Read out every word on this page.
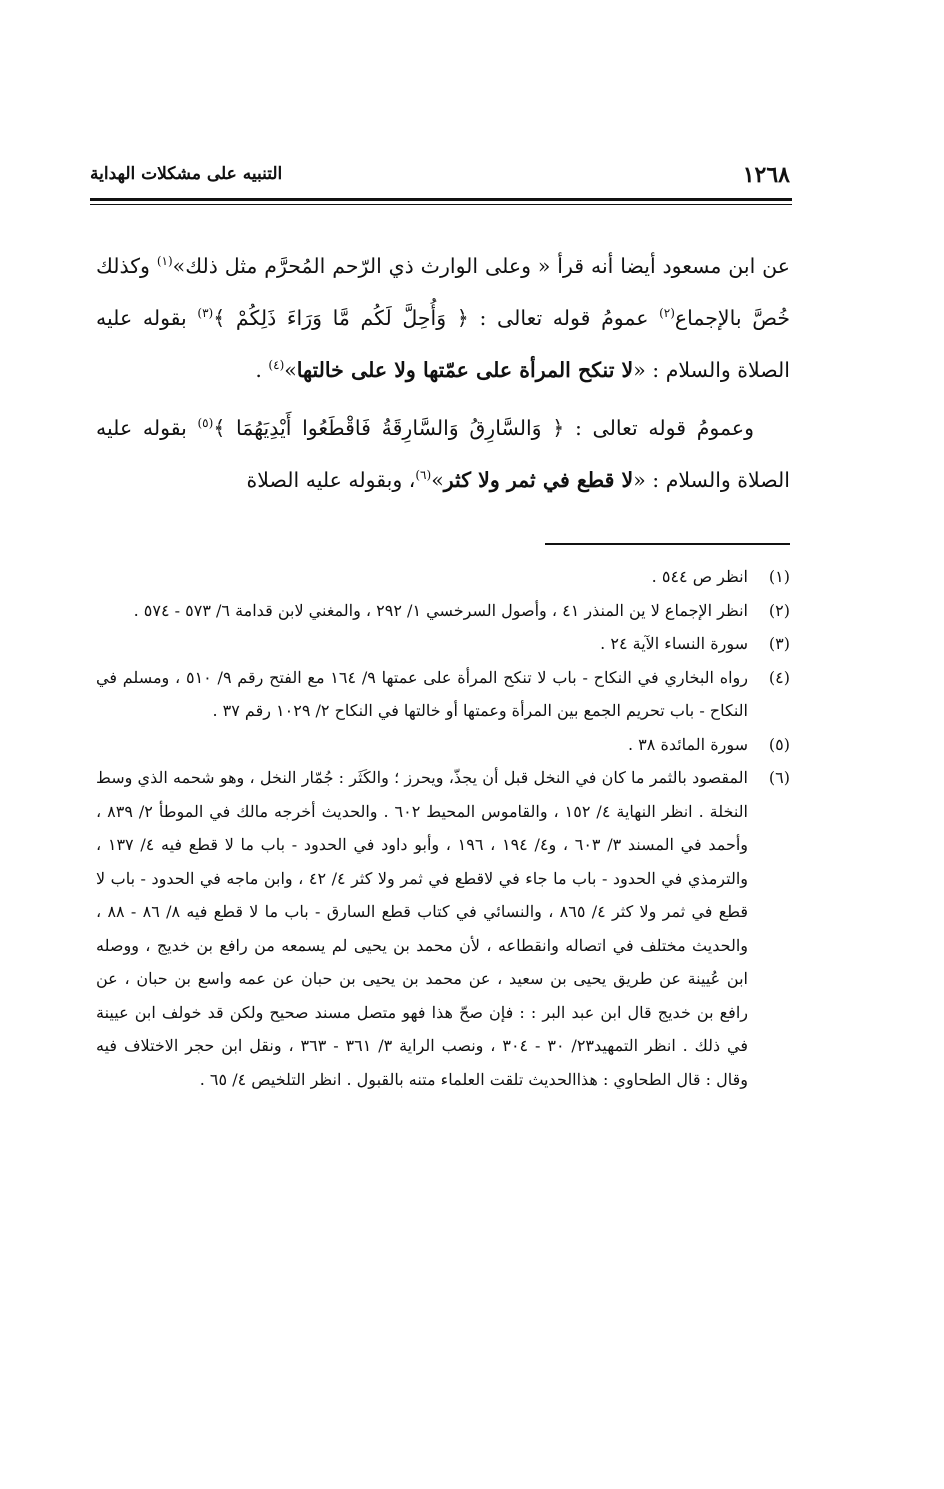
١٢٦٨
التنبيه على مشكلات الهداية

عن ابن مسعود أيضا أنه قرأ « وعلى الوارث ذي الرّحم المُحرَّم مثل ذلك»$^{(١)}$ وكذلك خُصَّ بالإجماع$^{(٢)}$ عمومُ قوله تعالى : ﴿ وَأُحِلَّ لَكُم مَّا وَرَاءَ ذَلِكُمْ ﴾$^{(٣)}$ بقوله عليه الصلاة والسلام : «لا تنكح المرأة على عمّتها ولا على خالتها»$^{(٤)}$ .

وعمومُ قوله تعالى : ﴿ وَالسَّارِقُ وَالسَّارِقَةُ فَاقْطَعُوا أَيْدِيَهُمَا ﴾$^{(٥)}$ بقوله عليه الصلاة والسلام : «لا قطع في ثمر ولا كثر»$^{(٦)}$، وبقوله عليه الصلاة

(١)
انظر ص ٥٤٤ .
(٢)
انظر الإجماع لا ين المنذر ٤١ ، وأصول السرخسي ١/ ٢٩٢ ، والمغني لابن قدامة ٦/ ٥٧٣ - ٥٧٤ .
(٣)
سورة النساء الآية ٢٤ .
(٤)
رواه البخاري في النكاح - باب لا تنكح المرأة على عمتها ٩/ ١٦٤ مع الفتح رقم ٩/ ٥١٠ ، ومسلم في النكاح - باب تحريم الجمع بين المرأة وعمتها أو خالتها في النكاح ٢/ ١٠٢٩ رقم ٣٧ .
(٥)
سورة المائدة ٣٨ .
(٦)
المقصود بالثمر ما كان في النخل قبل أن يجذّ، ويحرز ؛ والكَثَر : جُمّار النخل ، وهو شحمه الذي وسط النخلة . انظر النهاية ٤/ ١٥٢ ، والقاموس المحيط ٦٠٢ . والحديث أخرجه مالك في الموطأ ٢/ ٨٣٩ ، وأحمد في المسند ٣/ ٦٠٣ ، و٤/ ١٩٤ ، ١٩٦ ، وأبو داود في الحدود - باب ما لا قطع فيه ٤/ ١٣٧ ، والترمذي في الحدود - باب ما جاء في لاقطع في ثمر ولا كثر ٤/ ٤٢ ، وابن ماجه في الحدود - باب لا قطع في ثمر ولا كثر ٤/ ٨٦٥ ، والنسائي في كتاب قطع السارق - باب ما لا قطع فيه ٨/ ٨٦ - ٨٨ ، والحديث مختلف في اتصاله وانقطاعه ، لأن محمد بن يحيى لم يسمعه من رافع بن خديج ، ووصله ابن عُيينة عن طريق يحيى بن سعيد ، عن محمد بن يحيى بن حبان عن عمه واسع بن حبان ، عن رافع بن خديج قال ابن عبد البر : : فإن صحّ هذا فهو متصل مسند صحيح ولكن قد خولف ابن عيينة في ذلك . انظر التمهيد٢٣/ ٣٠ - ٣٠٤ ، ونصب الراية ٣/ ٣٦١ - ٣٦٣ ، ونقل ابن حجر الاختلاف فيه وقال : قال الطحاوي : هذاالحديث تلقت العلماء متنه بالقبول . انظر التلخيص ٤/ ٦٥ .
